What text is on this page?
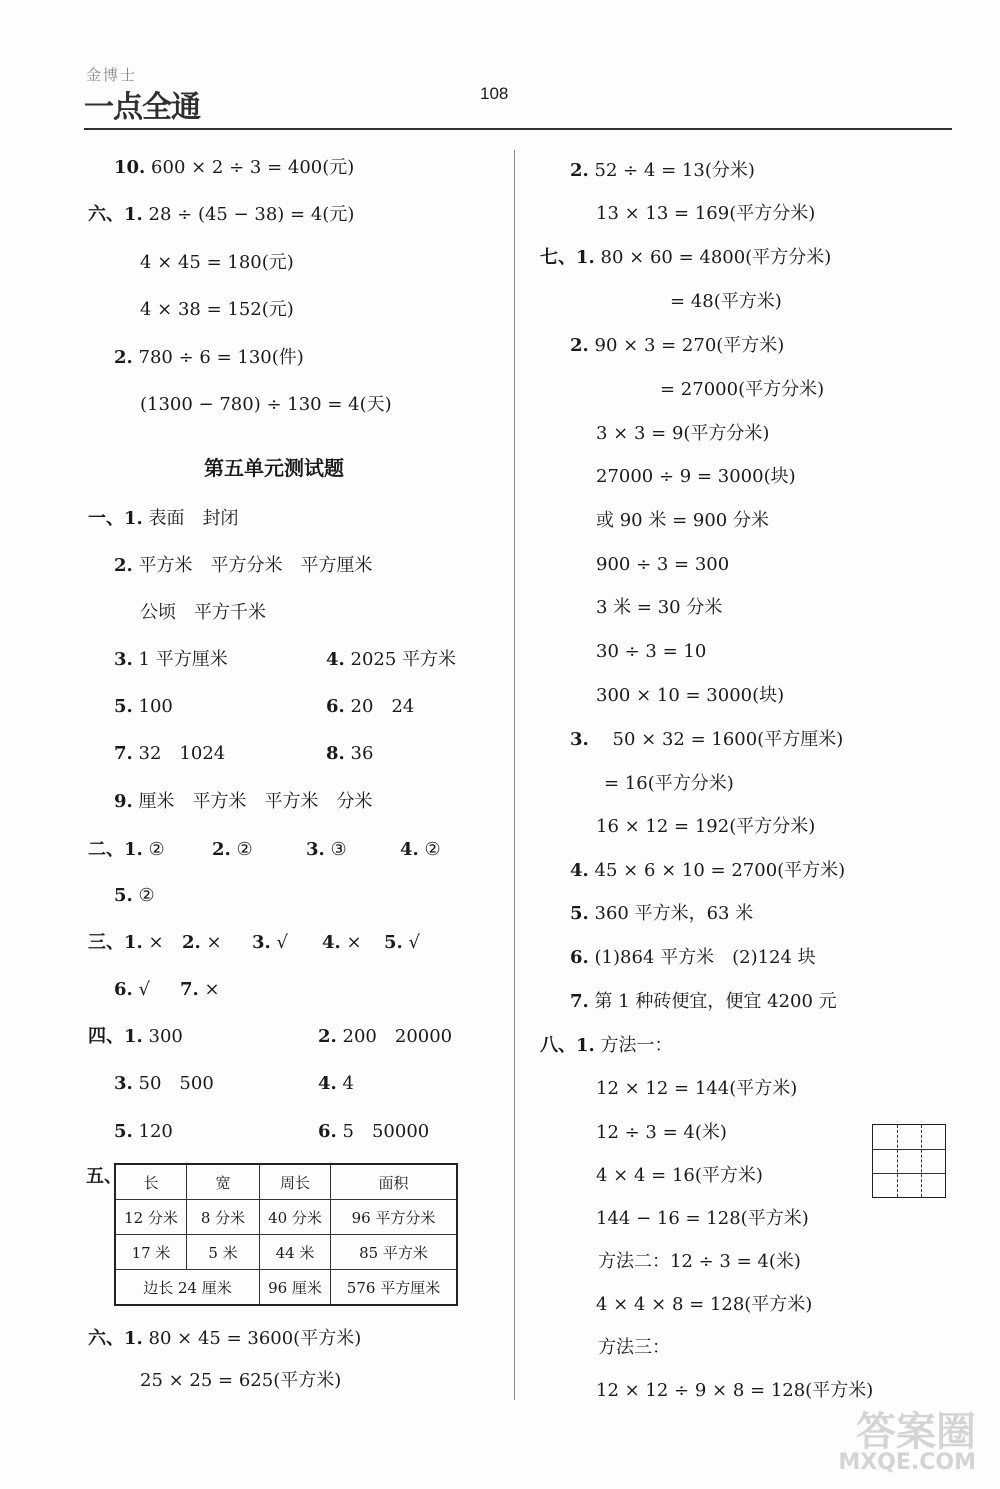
金博士
一点全通	108
10. 600 × 2 ÷ 3 = 400(元)
六、1. 28 ÷ (45 − 38) = 4(元)
4 × 45 = 180(元)
4 × 38 = 152(元)
2. 780 ÷ 6 = 130(件)
(1300 − 780) ÷ 130 = 4(天)
第五单元测试题
一、1. 表面　封闭
2. 平方米　平方分米　平方厘米
公顷　平方千米
3. 1 平方厘米	4. 2025 平方米
5. 100	6. 20　24
7. 32　1024	8. 36
9. 厘米　平方米　平方米　分米
二、1. ②	2. ②	3. ③	4. ②
5. ②
三、1. × 2. × 3. √ 4. × 5. √
6. √ 7. ×
四、1. 300	2. 200　20000
3. 50　500	4. 4
5. 120	6. 5　50000
五、 长	宽	周长	面积
12 分米	8 分米	40 分米	96 平方分米
17 米	5 米	44 米	85 平方米
边长 24 厘米		96 厘米	576 平方厘米
六、1. 80 × 45 = 3600(平方米)
25 × 25 = 625(平方米)
2. 52 ÷ 4 = 13(分米)
13 × 13 = 169(平方分米)
七、1. 80 × 60 = 4800(平方分米)
= 48(平方米)
2. 90 × 3 = 270(平方米)
= 27000(平方分米)
3 × 3 = 9(平方分米)
27000 ÷ 9 = 3000(块)
或 90 米 = 900 分米
900 ÷ 3 = 300
3 米 = 30 分米
30 ÷ 3 = 10
300 × 10 = 3000(块)
3. 50 × 32 = 1600(平方厘米)
= 16(平方分米)
16 × 12 = 192(平方分米)
4. 45 × 6 × 10 = 2700(平方米)
5. 360 平方米，63 米
6. (1)864 平方米　(2)124 块
7. 第 1 种砖便宜，便宜 4200 元
八、1. 方法一：
12 × 12 = 144(平方米)
12 ÷ 3 = 4(米)
4 × 4 = 16(平方米)
144 − 16 = 128(平方米)
方法二：12 ÷ 3 = 4(米)
4 × 4 × 8 = 128(平方米)
方法三：
12 × 12 ÷ 9 × 8 = 128(平方米)
答案圈
MXQE.COM
